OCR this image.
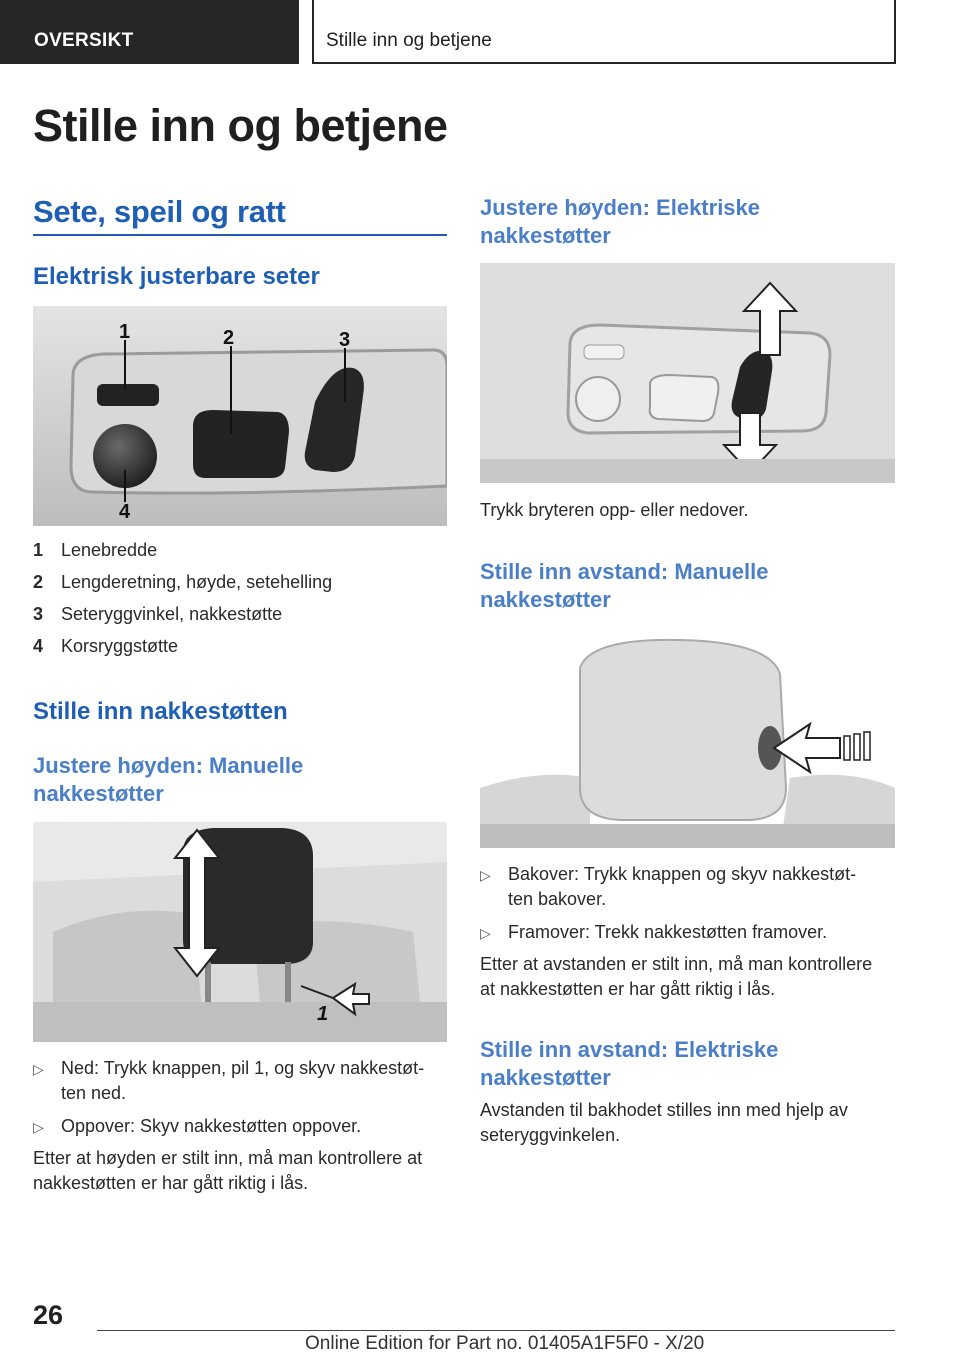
OVERSIKT	Stille inn og betjene
Stille inn og betjene
Sete, speil og ratt
Elektrisk justerbare seter
1	2	3
4
1 Lenebredde
2 Lengderetning, høyde, setehelling
3 Seteryggvinkel, nakkestøtte
4 Korsryggstøtte
Stille inn nakkestøtten
Justere høyden: Manuelle
nakkestøtter
1
▷ Ned: Trykk knappen, pil 1, og skyv nakkestøt-
ten ned.
▷ Oppover: Skyv nakkestøtten oppover.
Etter at høyden er stilt inn, må man kontrollere at
nakkestøtten er har gått riktig i lås.
Justere høyden: Elektriske
nakkestøtter
Trykk bryteren opp- eller nedover.
Stille inn avstand: Manuelle
nakkestøtter
▷ Bakover: Trykk knappen og skyv nakkestøt-
ten bakover.
▷ Framover: Trekk nakkestøtten framover.
Etter at avstanden er stilt inn, må man kontrollere
at nakkestøtten er har gått riktig i lås.
Stille inn avstand: Elektriske
nakkestøtter
Avstanden til bakhodet stilles inn med hjelp av
seteryggvinkelen.
26
Online Edition for Part no. 01405A1F5F0 - X/20
